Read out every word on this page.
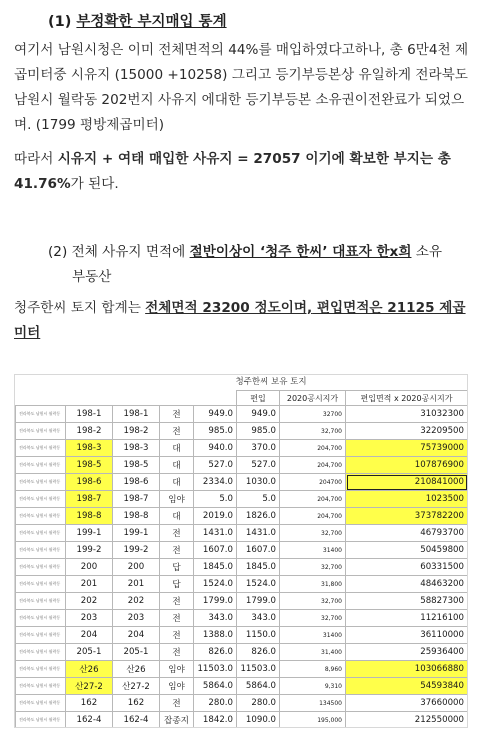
(1) 부정확한 부지매입 통계
여기서 남원시청은 이미 전체면적의 44%를 매입하였다고하나, 총 6만4천 제곱미터중 시유지 (15000 +10258) 그리고 등기부등본상 유일하게 전라북도 남원시 월락동 202번지 사유지 에대한 등기부등본 소유권이전완료가 되었으며. (1799 평방제곱미터)
따라서 시유지 + 여태 매입한 사유지 = 27057 이기에 확보한 부지는 총 41.76%가 된다.
(2) 전체 사유지 면적에 절반이상이 ‘청주 한씨’ 대표자 한x희 소유
부동산
청주한씨 토지 합계는 전체면적 23200 정도이며, 편입면적은 21125 제곱미터
청주한씨 보유 토지
					편입	2020공시지가	편입면적 x 2020공시지가
전라북도 남원시 월락동	198-1	198-1	전	949.0	949.0	32700	31032300
전라북도 남원시 월락동	198-2	198-2	전	985.0	985.0	32,700	32209500
전라북도 남원시 월락동	198-3	198-3	대	940.0	370.0	204,700	75739000
전라북도 남원시 월락동	198-5	198-5	대	527.0	527.0	204,700	107876900
전라북도 남원시 월락동	198-6	198-6	대	2334.0	1030.0	204700	210841000
전라북도 남원시 월락동	198-7	198-7	임야	5.0	5.0	204,700	1023500
전라북도 남원시 월락동	198-8	198-8	대	2019.0	1826.0	204,700	373782200
전라북도 남원시 월락동	199-1	199-1	전	1431.0	1431.0	32,700	46793700
전라북도 남원시 월락동	199-2	199-2	전	1607.0	1607.0	31400	50459800
전라북도 남원시 월락동	200	200	답	1845.0	1845.0	32,700	60331500
전라북도 남원시 월락동	201	201	답	1524.0	1524.0	31,800	48463200
전라북도 남원시 월락동	202	202	전	1799.0	1799.0	32,700	58827300
전라북도 남원시 월락동	203	203	전	343.0	343.0	32,700	11216100
전라북도 남원시 월락동	204	204	전	1388.0	1150.0	31400	36110000
전라북도 남원시 월락동	205-1	205-1	전	826.0	826.0	31,400	25936400
전라북도 남원시 월락동	산26	산26	임야	11503.0	11503.0	8,960	103066880
전라북도 남원시 월락동	산27-2	산27-2	임야	5864.0	5864.0	9,310	54593840
전라북도 남원시 월락동	162	162	전	280.0	280.0	134500	37660000
전라북도 남원시 월락동	162-4	162-4	잡종지	1842.0	1090.0	195,000	212550000
